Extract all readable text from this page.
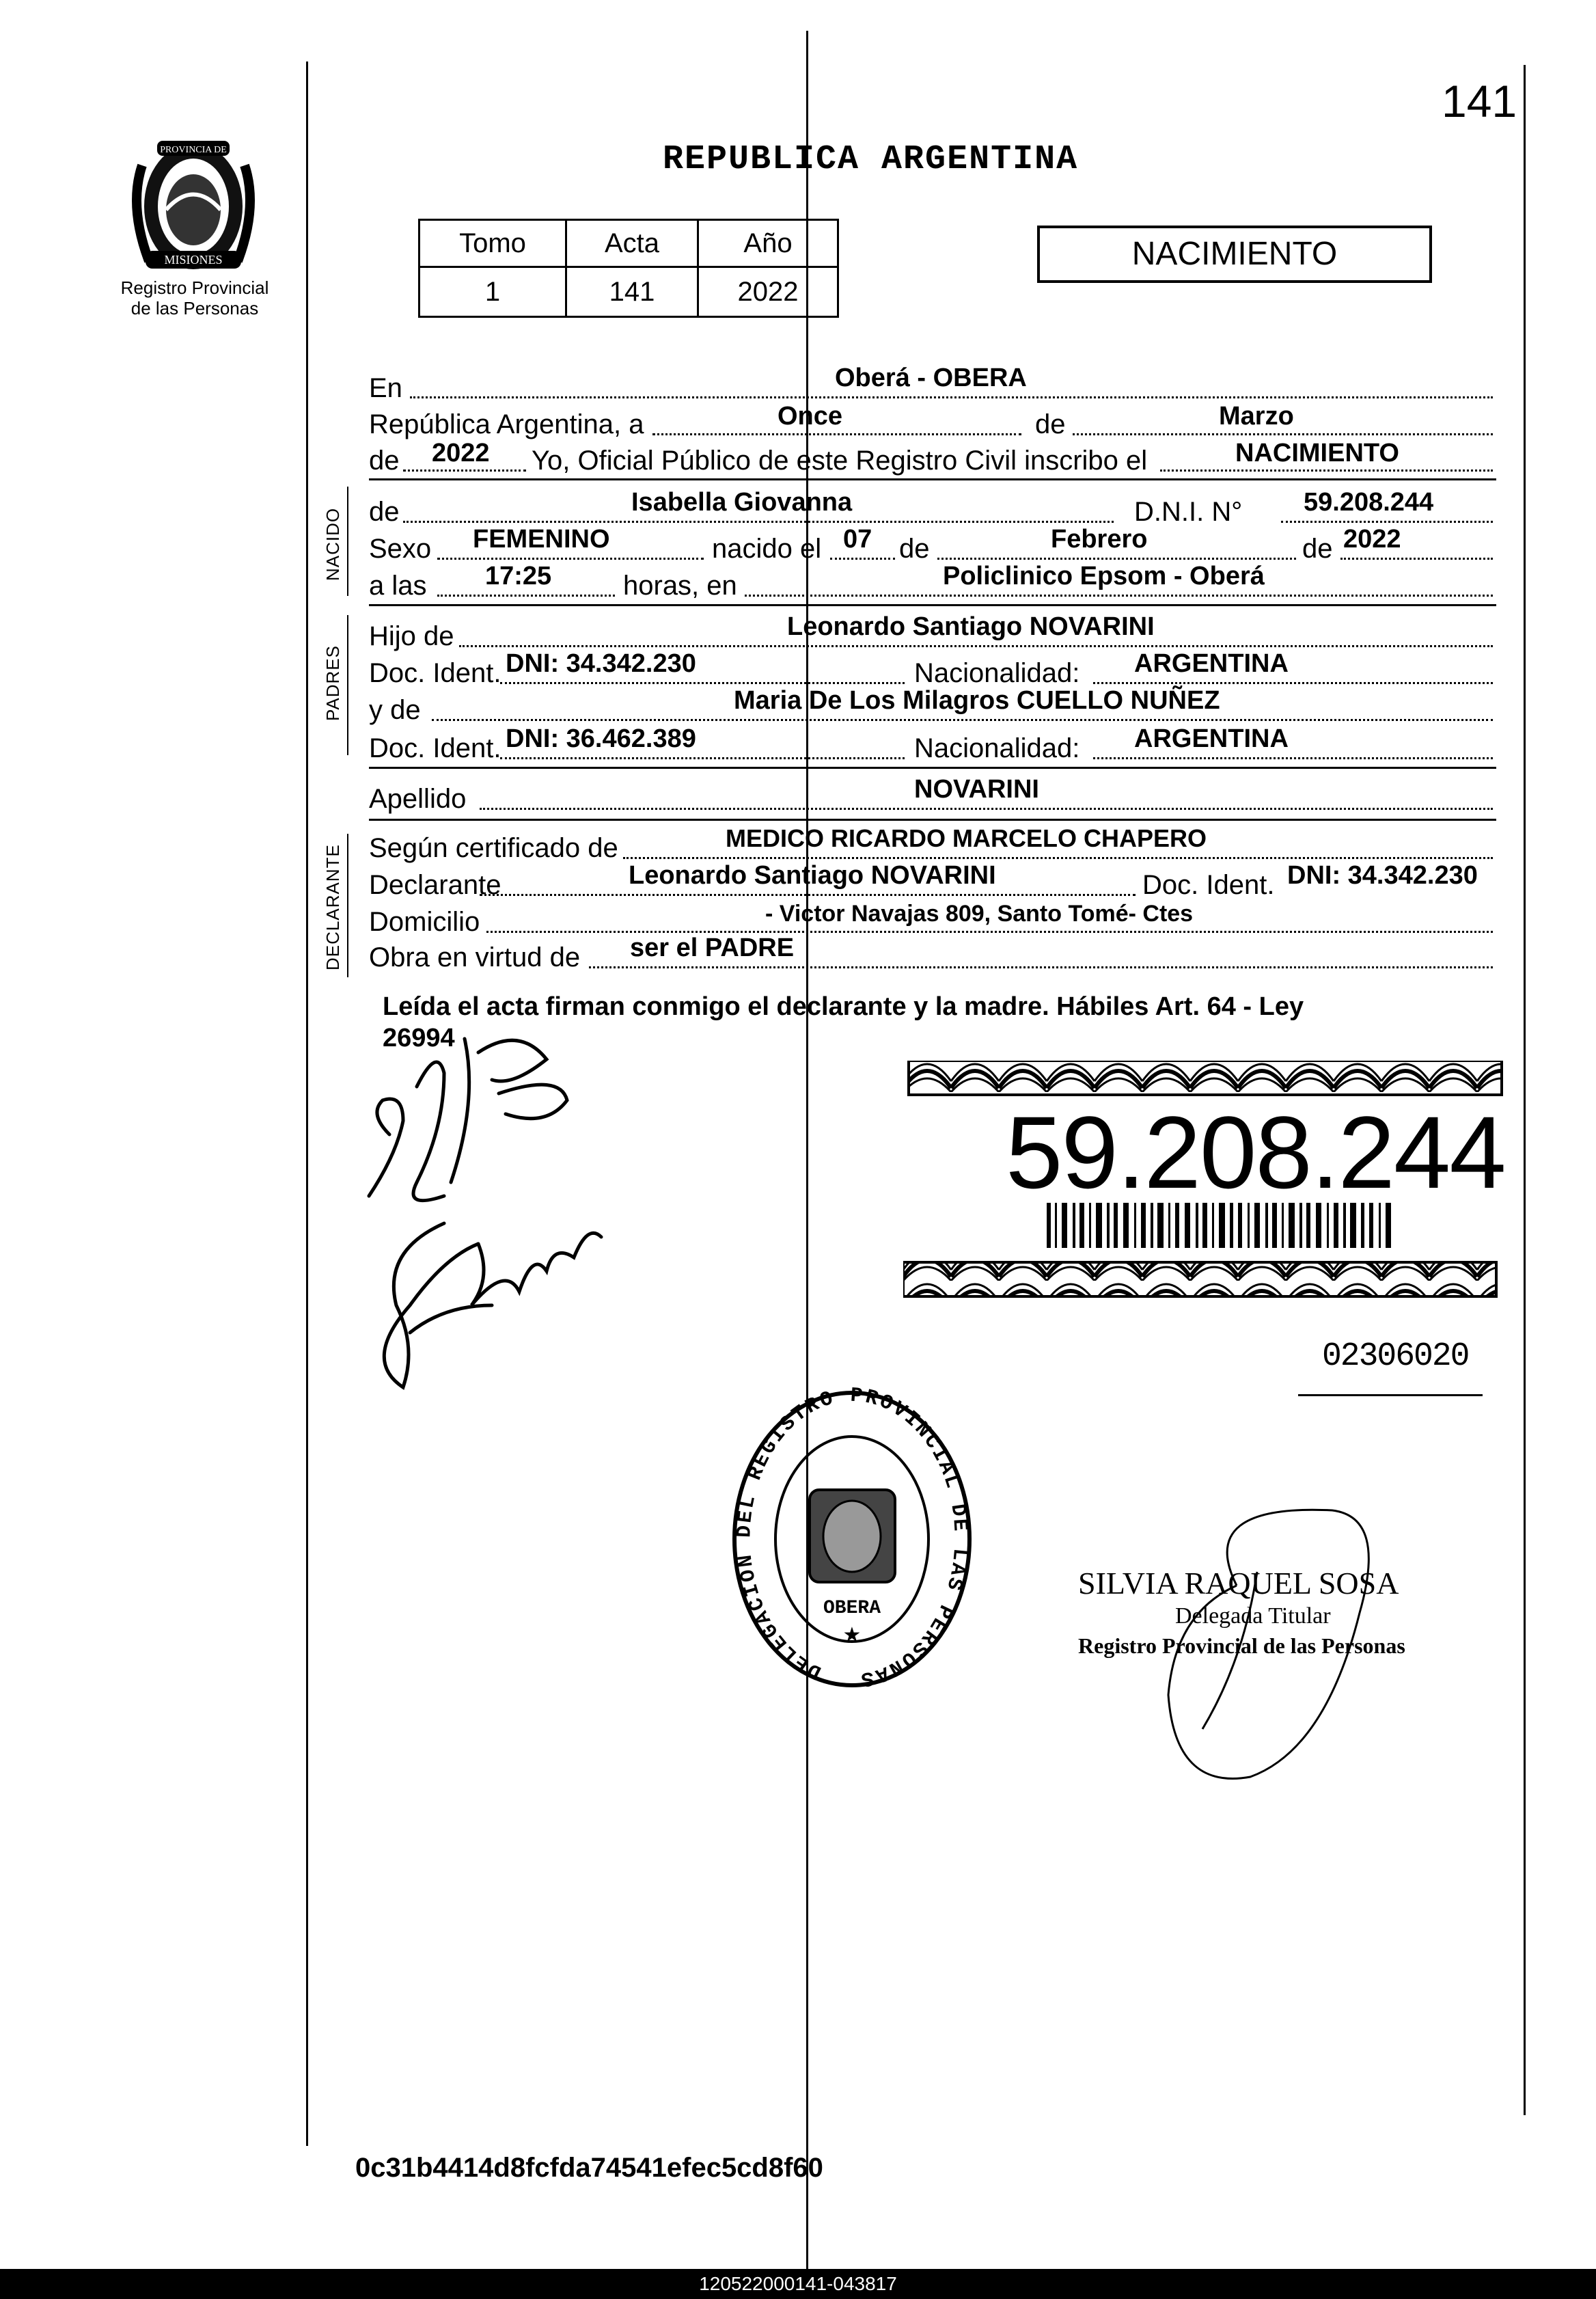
141
MISIONES
PROVINCIA DE
Registro Provincial
de las Personas
REPUBLICA ARGENTINA
Tomo	Acta	Año
1	141	2022
NACIMIENTO
En	Oberá - OBERA
República Argentina, a	Once	de	Marzo
de 2022 Yo, Oficial Público de este Registro Civil inscribo el	NACIMIENTO
NACIDO de	Isabella Giovanna	D.N.I. N° 59.208.244
Sexo FEMENINO	nacido el 07 de	Febrero	de 2022
a las 17:25	horas, en	Policlinico Epsom - Oberá
PADRES
Hijo de	Leonardo Santiago NOVARINI
Doc. Ident. DNI: 34.342.230	Nacionalidad: ARGENTINA
y de	Maria De Los Milagros CUELLO NUÑEZ
Doc. Ident. DNI: 36.462.389	Nacionalidad: ARGENTINA
Apellido	NOVARINI
DECLARANTE Según certificado de	MEDICO RICARDO MARCELO CHAPERO
Declarante	Leonardo Santiago NOVARINI	Doc. Ident. DNI: 34.342.230
Domicilio	- Victor Navajas 809, Santo Tomé- Ctes
Obra en virtud de ser el PADRE
Leída el acta firman conmigo el declarante y la madre. Hábiles Art. 64 - Ley
26994
59.208.244
02306020
DELEGACION DEL REGISTRO PROVINCIAL DE LAS PERSONAS
OBERA
★
SILVIA RAQUEL SOSA
Delegada Titular
Registro Provincial de las Personas
0c31b4414d8fcfda74541efec5cd8f60
120522000141-043817
